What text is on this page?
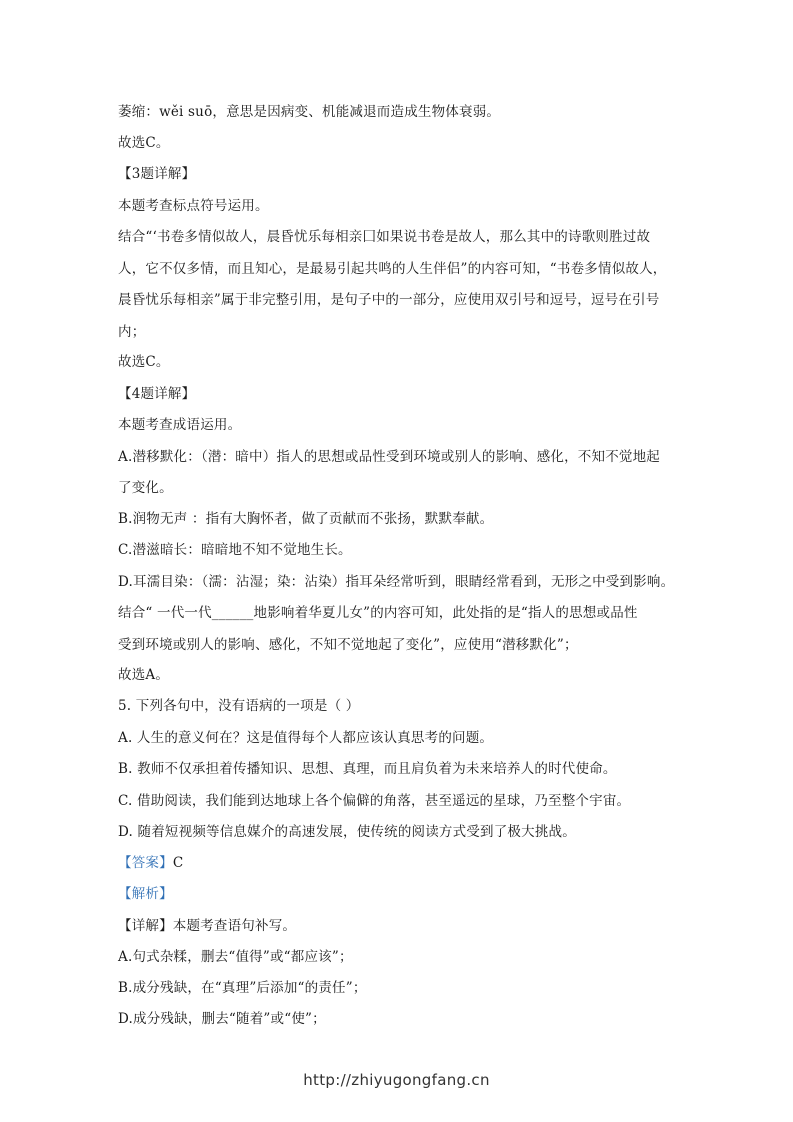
萎缩：wěi suō，意思是因病变、机能减退而造成生物体衰弱。
故选C。
【3题详解】
本题考查标点符号运用。
结合“‘书卷多情似故人，晨昏忧乐每相亲囗如果说书卷是故人，那么其中的诗歌则胜过故
人，它不仅多情，而且知心，是最易引起共鸣的人生伴侣”的内容可知，“书卷多情似故人，
晨昏忧乐每相亲”属于非完整引用，是句子中的一部分，应使用双引号和逗号，逗号在引号
内；
故选C。
【4题详解】
本题考查成语运用。
A.潜移默化：（潜：暗中）指人的思想或品性受到环境或别人的影响、感化，不知不觉地起
了变化。
B.润物无声 ：指有大胸怀者，做了贡献而不张扬，默默奉献。
C.潜滋暗长：暗暗地不知不觉地生长。
D.耳濡目染：（濡：沾湿；染：沾染）指耳朵经常听到，眼睛经常看到，无形之中受到影响。
结合“ 一代一代______地影响着华夏儿女”的内容可知，此处指的是“指人的思想或品性
受到环境或别人的影响、感化，不知不觉地起了变化”，应使用“潜移默化”；
故选A。
5. 下列各句中，没有语病的一项是（ ）
A. 人生的意义何在？这是值得每个人都应该认真思考的问题。
B. 教师不仅承担着传播知识、思想、真理，而且肩负着为未来培养人的时代使命。
C. 借助阅读，我们能到达地球上各个偏僻的角落，甚至遥远的星球，乃至整个宇宙。
D. 随着短视频等信息媒介的高速发展，使传统的阅读方式受到了极大挑战。
【答案】C
【解析】
【详解】本题考查语句补写。
A.句式杂糅，删去“值得”或“都应该”；
B.成分残缺，在“真理”后添加“的责任”；
D.成分残缺，删去“随着”或“使”；
http://zhiyugongfang.cn
